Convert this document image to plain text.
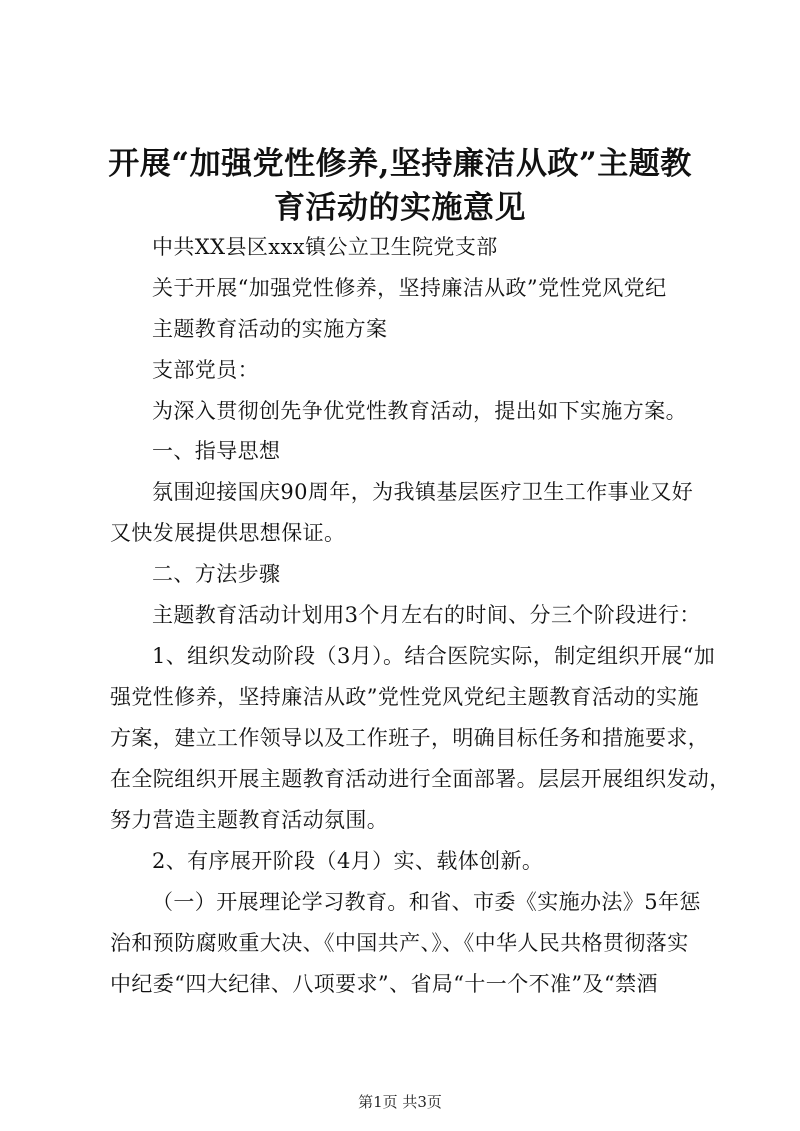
开展“加强党性修养,坚持廉洁从政”主题教
育活动的实施意见
中共XX县区xxx镇公立卫生院党支部
关于开展“加强党性修养，坚持廉洁从政”党性党风党纪
主题教育活动的实施方案
支部党员：
为深入贯彻创先争优党性教育活动，提出如下实施方案。
一、指导思想
氛围迎接国庆90周年，为我镇基层医疗卫生工作事业又好
又快发展提供思想保证。
二、方法步骤
主题教育活动计划用3个月左右的时间、分三个阶段进行：
1、组织发动阶段（3月）。结合医院实际，制定组织开展“加
强党性修养，坚持廉洁从政”党性党风党纪主题教育活动的实施
方案，建立工作领导以及工作班子，明确目标任务和措施要求，
在全院组织开展主题教育活动进行全面部署。层层开展组织发动，
努力营造主题教育活动氛围。
2、有序展开阶段（4月）实、载体创新。
（一）开展理论学习教育。和省、市委《实施办法》5年惩
治和预防腐败重大决、《中国共产、》、《中华人民共格贯彻落实
中纪委“四大纪律、八项要求”、省局“十一个不准”及“禁酒
第1页 共3页
